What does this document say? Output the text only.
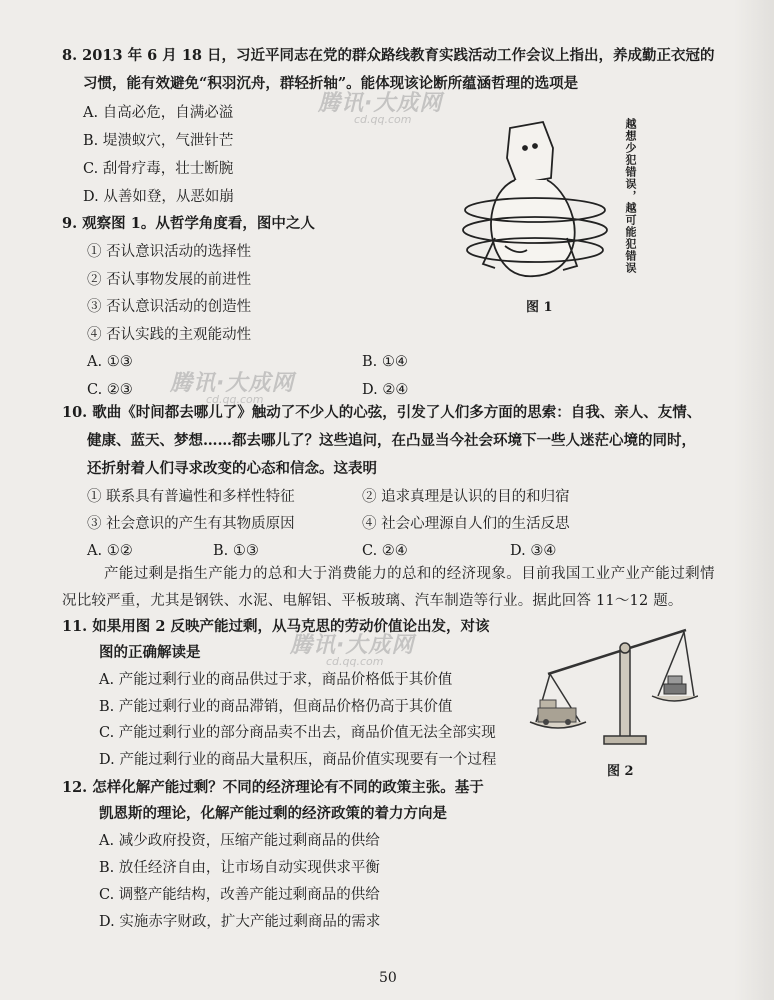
8. 2013 年 6 月 18 日，习近平同志在党的群众路线教育实践活动工作会议上指出，养成勤正衣冠的
习惯，能有效避免“积羽沉舟，群轻折轴”。能体现该论断所蕴涵哲理的选项是
A. 自高必危，自满必溢
B. 堤溃蚁穴，气泄针芒
C. 刮骨疗毒，壮士断腕
D. 从善如登，从恶如崩
9. 观察图 1。从哲学角度看，图中之人
① 否认意识活动的选择性
② 否认事物发展的前进性
③ 否认意识活动的创造性
④ 否认实践的主观能动性
A. ①③	B. ①④
C. ②③	D. ②④
越想少犯错误，越可能犯错误
图 1
10. 歌曲《时间都去哪儿了》触动了不少人的心弦，引发了人们多方面的思索：自我、亲人、友情、
健康、蓝天、梦想……都去哪儿了？这些追问，在凸显当今社会环境下一些人迷茫心境的同时，
还折射着人们寻求改变的心态和信念。这表明
① 联系具有普遍性和多样性特征	② 追求真理是认识的目的和归宿
③ 社会意识的产生有其物质原因	④ 社会心理源自人们的生活反思
A. ①②	B. ①③	C. ②④	D. ③④
产能过剩是指生产能力的总和大于消费能力的总和的经济现象。目前我国工业产业产能过剩情
况比较严重，尤其是钢铁、水泥、电解铝、平板玻璃、汽车制造等行业。据此回答 11～12 题。
11. 如果用图 2 反映产能过剩，从马克思的劳动价值论出发，对该
图的正确解读是
A. 产能过剩行业的商品供过于求，商品价格低于其价值
B. 产能过剩行业的商品滞销，但商品价格仍高于其价值
C. 产能过剩行业的部分商品卖不出去，商品价值无法全部实现
D. 产能过剩行业的商品大量积压，商品价值实现要有一个过程
图 2
12. 怎样化解产能过剩？不同的经济理论有不同的政策主张。基于
凯恩斯的理论，化解产能过剩的经济政策的着力方向是
A. 减少政府投资，压缩产能过剩商品的供给
B. 放任经济自由，让市场自动实现供求平衡
C. 调整产能结构，改善产能过剩商品的供给
D. 实施赤字财政，扩大产能过剩商品的需求
腾讯·大成网
cd.qq.com
腾讯·大成网
cd.qq.com
腾讯·大成网
cd.qq.com
50
